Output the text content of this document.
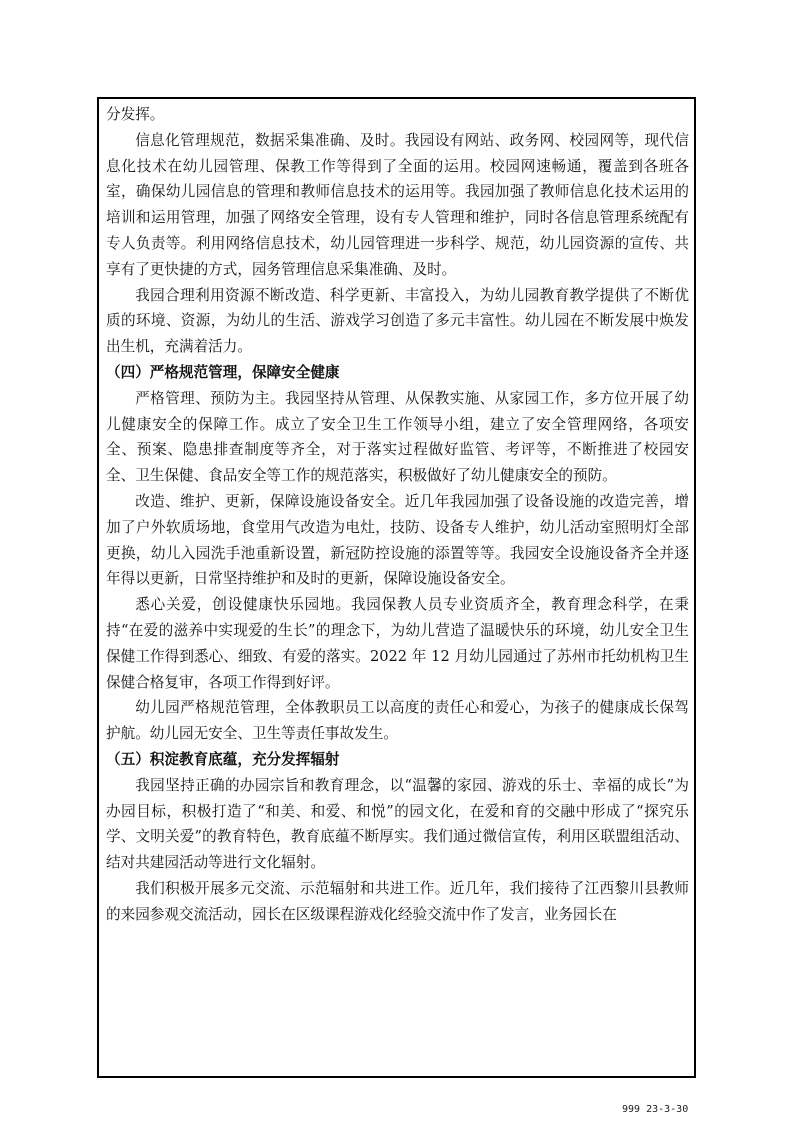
分发挥。

信息化管理规范，数据采集准确、及时。我园设有网站、政务网、校园网等，现代信息化技术在幼儿园管理、保教工作等得到了全面的运用。校园网速畅通，覆盖到各班各室，确保幼儿园信息的管理和教师信息技术的运用等。我园加强了教师信息化技术运用的培训和运用管理，加强了网络安全管理，设有专人管理和维护，同时各信息管理系统配有专人负责等。利用网络信息技术，幼儿园管理进一步科学、规范，幼儿园资源的宣传、共享有了更快捷的方式，园务管理信息采集准确、及时。

我园合理利用资源不断改造、科学更新、丰富投入，为幼儿园教育教学提供了不断优质的环境、资源，为幼儿的生活、游戏学习创造了多元丰富性。幼儿园在不断发展中焕发出生机，充满着活力。

（四）严格规范管理，保障安全健康

严格管理、预防为主。我园坚持从管理、从保教实施、从家园工作，多方位开展了幼儿健康安全的保障工作。成立了安全卫生工作领导小组，建立了安全管理网络，各项安全、预案、隐患排查制度等齐全，对于落实过程做好监管、考评等，不断推进了校园安全、卫生保健、食品安全等工作的规范落实，积极做好了幼儿健康安全的预防。

改造、维护、更新，保障设施设备安全。近几年我园加强了设备设施的改造完善，增加了户外软质场地，食堂用气改造为电灶，技防、设备专人维护，幼儿活动室照明灯全部更换，幼儿入园洗手池重新设置，新冠防控设施的添置等等。我园安全设施设备齐全并逐年得以更新，日常坚持维护和及时的更新，保障设施设备安全。

悉心关爱，创设健康快乐园地。我园保教人员专业资质齐全，教育理念科学，在秉持“在爱的滋养中实现爱的生长”的理念下，为幼儿营造了温暖快乐的环境，幼儿安全卫生保健工作得到悉心、细致、有爱的落实。2022 年 12 月幼儿园通过了苏州市托幼机构卫生保健合格复审，各项工作得到好评。

幼儿园严格规范管理，全体教职员工以高度的责任心和爱心，为孩子的健康成长保驾护航。幼儿园无安全、卫生等责任事故发生。

（五）积淀教育底蕴，充分发挥辐射

我园坚持正确的办园宗旨和教育理念，以“温馨的家园、游戏的乐士、幸福的成长”为办园目标，积极打造了“和美、和爱、和悦”的园文化，在爱和育的交融中形成了“探究乐学、文明关爱”的教育特色，教育底蕴不断厚实。我们通过微信宣传，利用区联盟组活动、结对共建园活动等进行文化辐射。

我们积极开展多元交流、示范辐射和共进工作。近几年，我们接待了江西黎川县教师的来园参观交流活动，园长在区级课程游戏化经验交流中作了发言，业务园长在

999 23-3-30
